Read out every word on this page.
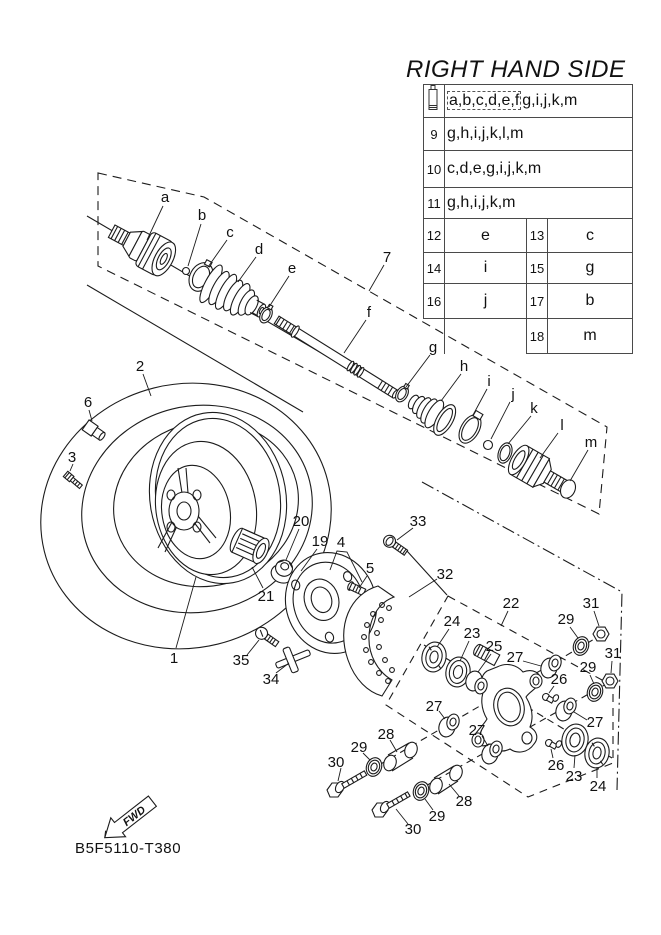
FWD
a
b
c
d
e
7
f
g
h
i
j
k
l
m
2
6
3
1
20
19
21
4
5
33
32
35
34
22
24
23
25
27
26
29
31
29
31
27
23
24
26
27
27
28
29
30
28
29
30
RIGHT HAND SIDE
	a,b,c,d,e,f g,i,j,k,m		

9	g,h,i,j,k,l,m		

10	c,d,e,g,i,j,k,m		

11	g,h,i,j,k,m		

12	e	13	c
14	i	15	g
16	j	17	b
		18	m
B5F5110-T380
